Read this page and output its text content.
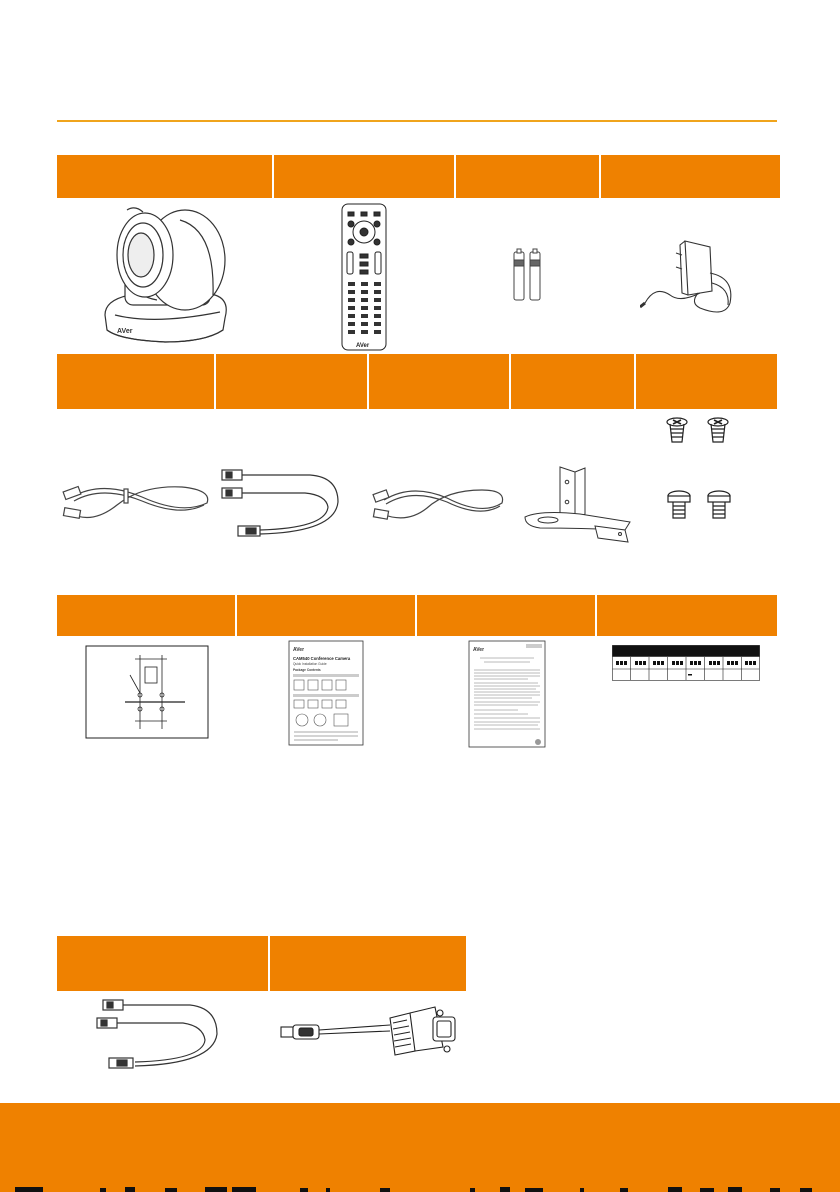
AVer
AVer
AVer
CAM540 Conference Camera
Quick Installation Guide
Package Contents
AVer
